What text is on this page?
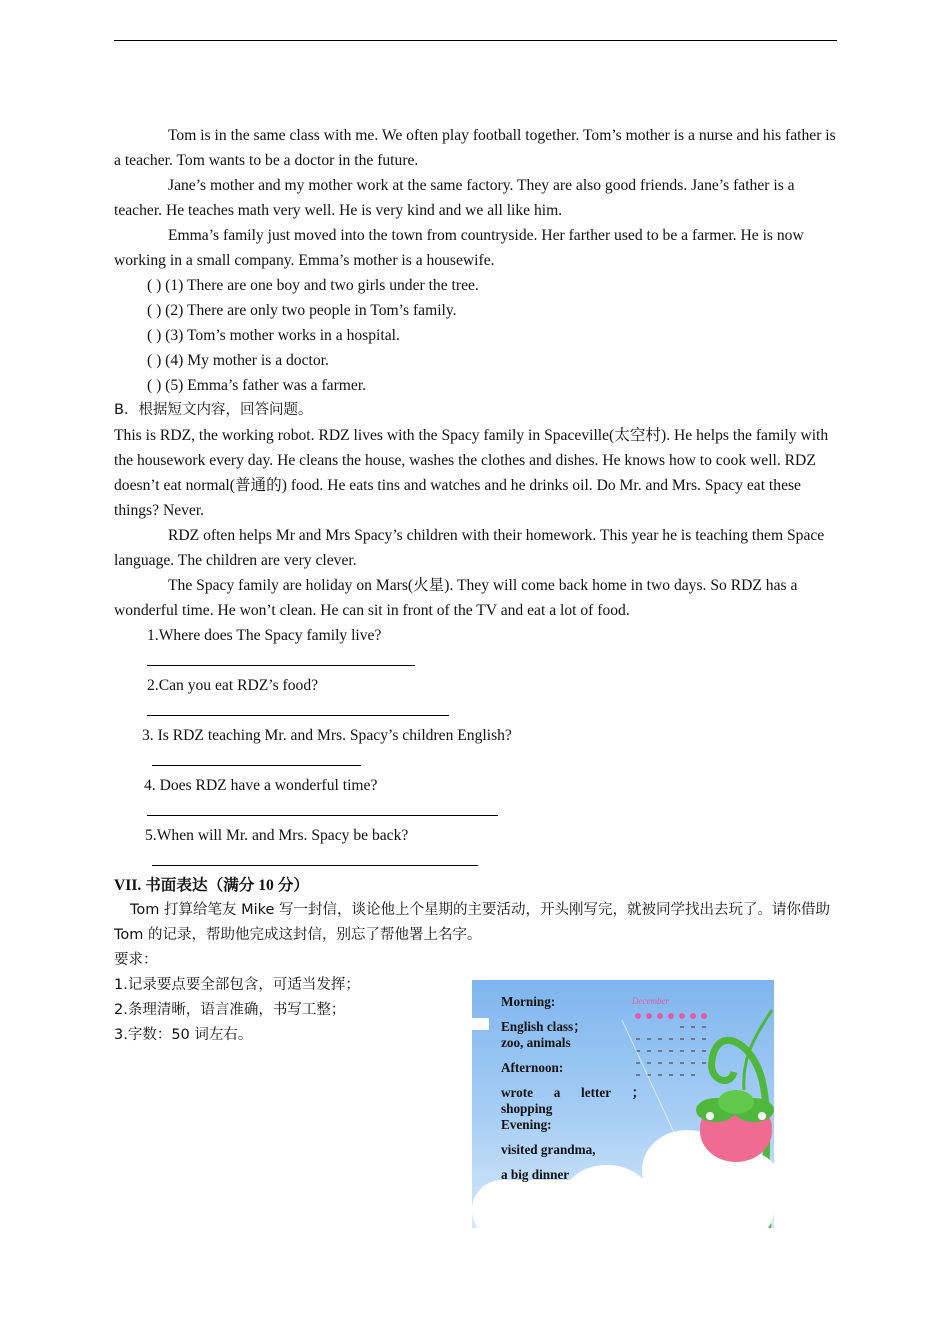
Tom is in the same class with me. We often play football together. Tom’s mother is a nurse and his father is a teacher. Tom wants to be a doctor in the future.

Jane’s mother and my mother work at the same factory. They are also good friends. Jane’s father is a teacher. He teaches math very well. He is very kind and we all like him.

Emma’s family just moved into the town from countryside. Her farther used to be a farmer. He is now working in a small company. Emma’s mother is a housewife.

( ) (1) There are one boy and two girls under the tree.

( ) (2) There are only two people in Tom’s family.

( ) (3) Tom’s mother works in a hospital.

( ) (4) My mother is a doctor.

( ) (5) Emma’s father was a farmer.

B．根据短文内容，回答问题。

This is RDZ, the working robot. RDZ lives with the Spacy family in Spaceville(太空村). He helps the family with the housework every day. He cleans the house, washes the clothes and dishes. He knows how to cook well. RDZ doesn’t eat normal(普通的) food. He eats tins and watches and he drinks oil. Do Mr. and Mrs. Spacy eat these things? Never.

RDZ often helps Mr and Mrs Spacy’s children with their homework. This year he is teaching them Space language. The children are very clever.

The Spacy family are holiday on Mars(火星). They will come back home in two days. So RDZ has a wonderful time. He won’t clean. He can sit in front of the TV and eat a lot of food.

1.Where does The Spacy family live?

2.Can you eat RDZ’s food?

3. Is RDZ teaching Mr. and Mrs. Spacy’s children English?

4. Does RDZ have a wonderful time?

5.When will Mr. and Mrs. Spacy be back?

VII. 书面表达（满分 10 分）

Tom 打算给笔友 Mike 写一封信，谈论他上个星期的主要活动，开头刚写完，就被同学找出去玩了。请你借助 Tom 的记录，帮助他完成这封信，别忘了帮他署上名字。

要求：

1.记录要点要全部包含，可适当发挥；

2.条理清晰，语言准确，书写工整；

3.字数：50 词左右。

December
Morning:
English class；
zoo, animals
Afternoon:
wrote a letter ；
shopping
Evening:
visited grandma,
a big dinner
